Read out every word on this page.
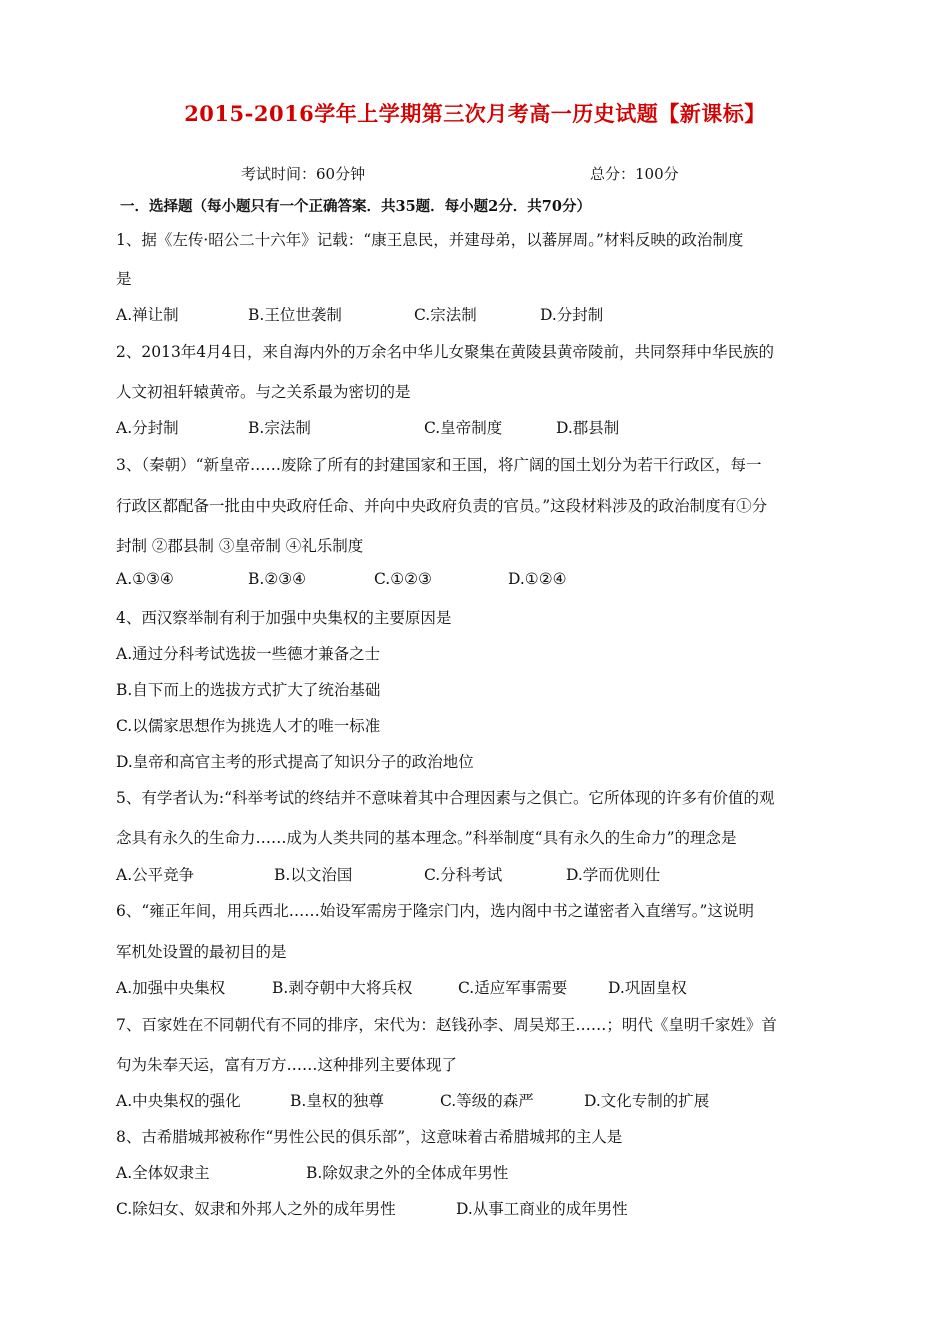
2015-2016学年上学期第三次月考高一历史试题【新课标】
考试时间：60分钟	总分：100分
一．选择题（每小题只有一个正确答案．共35题．每小题2分．共70分）
1、据《左传·昭公二十六年》记载：“康王息民，并建母弟，以蕃屏周。”材料反映的政治制度
是
A.禅让制	B.王位世袭制	C.宗法制	D.分封制
2、2013年4月4日，来自海内外的万余名中华儿女聚集在黄陵县黄帝陵前，共同祭拜中华民族的
人文初祖轩辕黄帝。与之关系最为密切的是
A.分封制	B.宗法制	C.皇帝制度	D.郡县制
3、（秦朝）“新皇帝……废除了所有的封建国家和王国，将广阔的国土划分为若干行政区，每一
行政区都配备一批由中央政府任命、并向中央政府负责的官员。”这段材料涉及的政治制度有①分
封制 ②郡县制 ③皇帝制 ④礼乐制度
A.①③④	B.②③④	C.①②③	D.①②④
4、西汉察举制有利于加强中央集权的主要原因是
A.通过分科考试选拔一些德才兼备之士
B.自下而上的选拔方式扩大了统治基础
C.以儒家思想作为挑选人才的唯一标准
D.皇帝和高官主考的形式提高了知识分子的政治地位
5、有学者认为:“科举考试的终结并不意味着其中合理因素与之俱亡。它所体现的许多有价值的观
念具有永久的生命力……成为人类共同的基本理念。”科举制度“具有永久的生命力”的理念是
A.公平竞争	B.以文治国	C.分科考试	D.学而优则仕
6、“雍正年间，用兵西北……始设军需房于隆宗门内，选内阁中书之谨密者入直缮写。”这说明
军机处设置的最初目的是
A.加强中央集权	B.剥夺朝中大将兵权	C.适应军事需要	D.巩固皇权
7、百家姓在不同朝代有不同的排序，宋代为：赵钱孙李、周吴郑王……；明代《皇明千家姓》首
句为朱奉天运，富有万方……这种排列主要体现了
A.中央集权的强化	B.皇权的独尊	C.等级的森严	D.文化专制的扩展
8、古希腊城邦被称作“男性公民的俱乐部”，这意味着古希腊城邦的主人是
A.全体奴隶主	B.除奴隶之外的全体成年男性
C.除妇女、奴隶和外邦人之外的成年男性	D.从事工商业的成年男性
